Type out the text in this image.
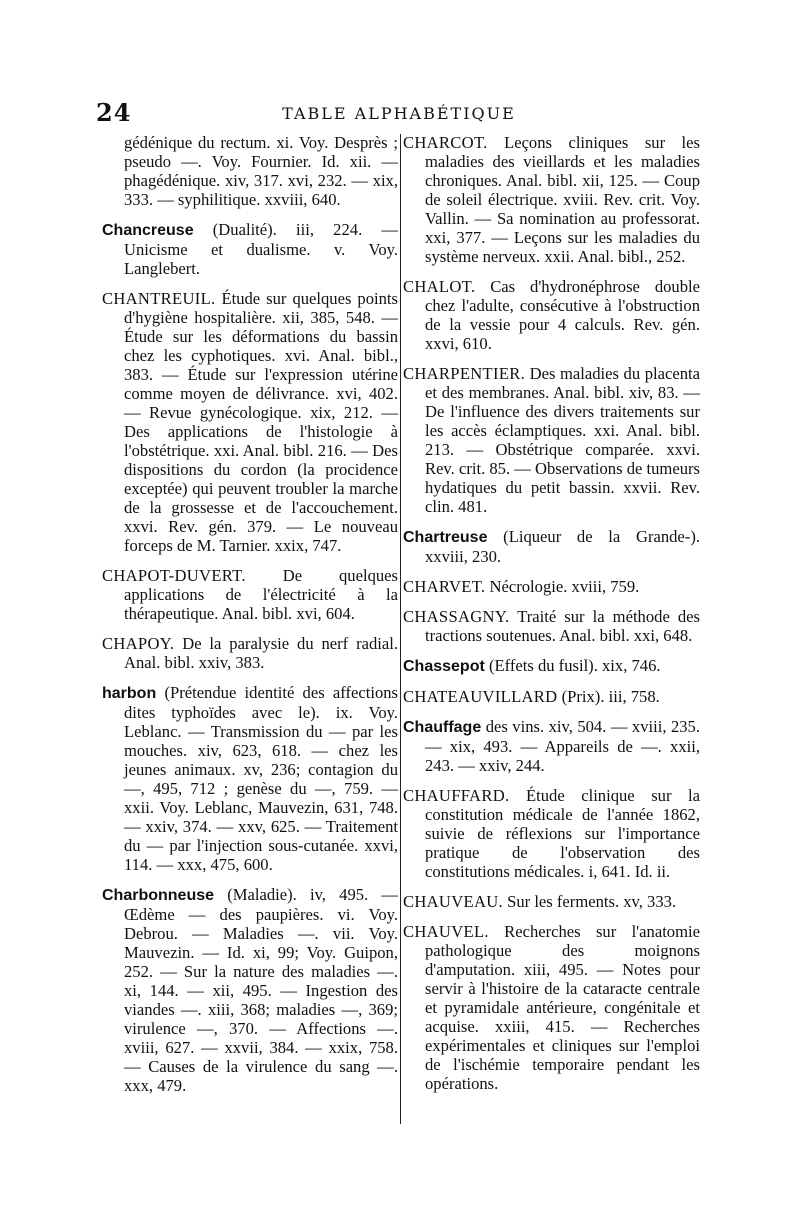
24	TABLE ALPHABÉTIQUE

gédénique du rectum. xi. Voy. Desprès ; pseudo —. Voy. Fournier. Id. xii. — phagédénique. xiv, 317. xvi, 232. — xix, 333. — syphilitique. xxviii, 640.

Chancreuse (Dualité). iii, 224. — Unicisme et dualisme. v. Voy. Langlebert.

CHANTREUIL. Étude sur quelques points d'hygiène hospitalière. xii, 385, 548. — Étude sur les déformations du bassin chez les cyphotiques. xvi. Anal. bibl., 383. — Étude sur l'expression utérine comme moyen de délivrance. xvi, 402. — Revue gynécologique. xix, 212. — Des applications de l'histologie à l'obstétrique. xxi. Anal. bibl. 216. — Des dispositions du cordon (la procidence exceptée) qui peuvent troubler la marche de la grossesse et de l'accouchement. xxvi. Rev. gén. 379. — Le nouveau forceps de M. Tarnier. xxix, 747.

CHAPOT-DUVERT. De quelques applications de l'électricité à la thérapeutique. Anal. bibl. xvi, 604.

CHAPOY. De la paralysie du nerf radial. Anal. bibl. xxiv, 383.

harbon (Prétendue identité des affections dites typhoïdes avec le). ix. Voy. Leblanc. — Transmission du — par les mouches. xiv, 623, 618. — chez les jeunes animaux. xv, 236; contagion du —, 495, 712 ; genèse du —, 759. — xxii. Voy. Leblanc, Mauvezin, 631, 748. — xxiv, 374. — xxv, 625. — Traitement du — par l'injection sous-cutanée. xxvi, 114. — xxx, 475, 600.

Charbonneuse (Maladie). iv, 495. — Œdème — des paupières. vi. Voy. Debrou. — Maladies —. vii. Voy. Mauvezin. — Id. xi, 99; Voy. Guipon, 252. — Sur la nature des maladies —. xi, 144. — xii, 495. — Ingestion des viandes —. xiii, 368; maladies —, 369; virulence —, 370. — Affections —. xviii, 627. — xxvii, 384. — xxix, 758. — Causes de la virulence du sang —. xxx, 479.

CHARCOT. Leçons cliniques sur les maladies des vieillards et les maladies chroniques. Anal. bibl. xii, 125. — Coup de soleil électrique. xviii. Rev. crit. Voy. Vallin. — Sa nomination au professorat. xxi, 377. — Leçons sur les maladies du système nerveux. xxii. Anal. bibl., 252.

CHALOT. Cas d'hydronéphrose double chez l'adulte, consécutive à l'obstruction de la vessie pour 4 calculs. Rev. gén. xxvi, 610.

CHARPENTIER. Des maladies du placenta et des membranes. Anal. bibl. xiv, 83. — De l'influence des divers traitements sur les accès éclamptiques. xxi. Anal. bibl. 213. — Obstétrique comparée. xxvi. Rev. crit. 85. — Observations de tumeurs hydatiques du petit bassin. xxvii. Rev. clin. 481.

Chartreuse (Liqueur de la Grande-). xxviii, 230.

CHARVET. Nécrologie. xviii, 759.

CHASSAGNY. Traité sur la méthode des tractions soutenues. Anal. bibl. xxi, 648.

Chassepot (Effets du fusil). xix, 746.

CHATEAUVILLARD (Prix). iii, 758.

Chauffage des vins. xiv, 504. — xviii, 235. — xix, 493. — Appareils de —. xxii, 243. — xxiv, 244.

CHAUFFARD. Étude clinique sur la constitution médicale de l'année 1862, suivie de réflexions sur l'importance pratique de l'observation des constitutions médicales. i, 641. Id. ii.

CHAUVEAU. Sur les ferments. xv, 333.

CHAUVEL. Recherches sur l'anatomie pathologique des moignons d'amputation. xiii, 495. — Notes pour servir à l'histoire de la cataracte centrale et pyramidale antérieure, congénitale et acquise. xxiii, 415. — Recherches expérimentales et cliniques sur l'emploi de l'ischémie temporaire pendant les opérations.
